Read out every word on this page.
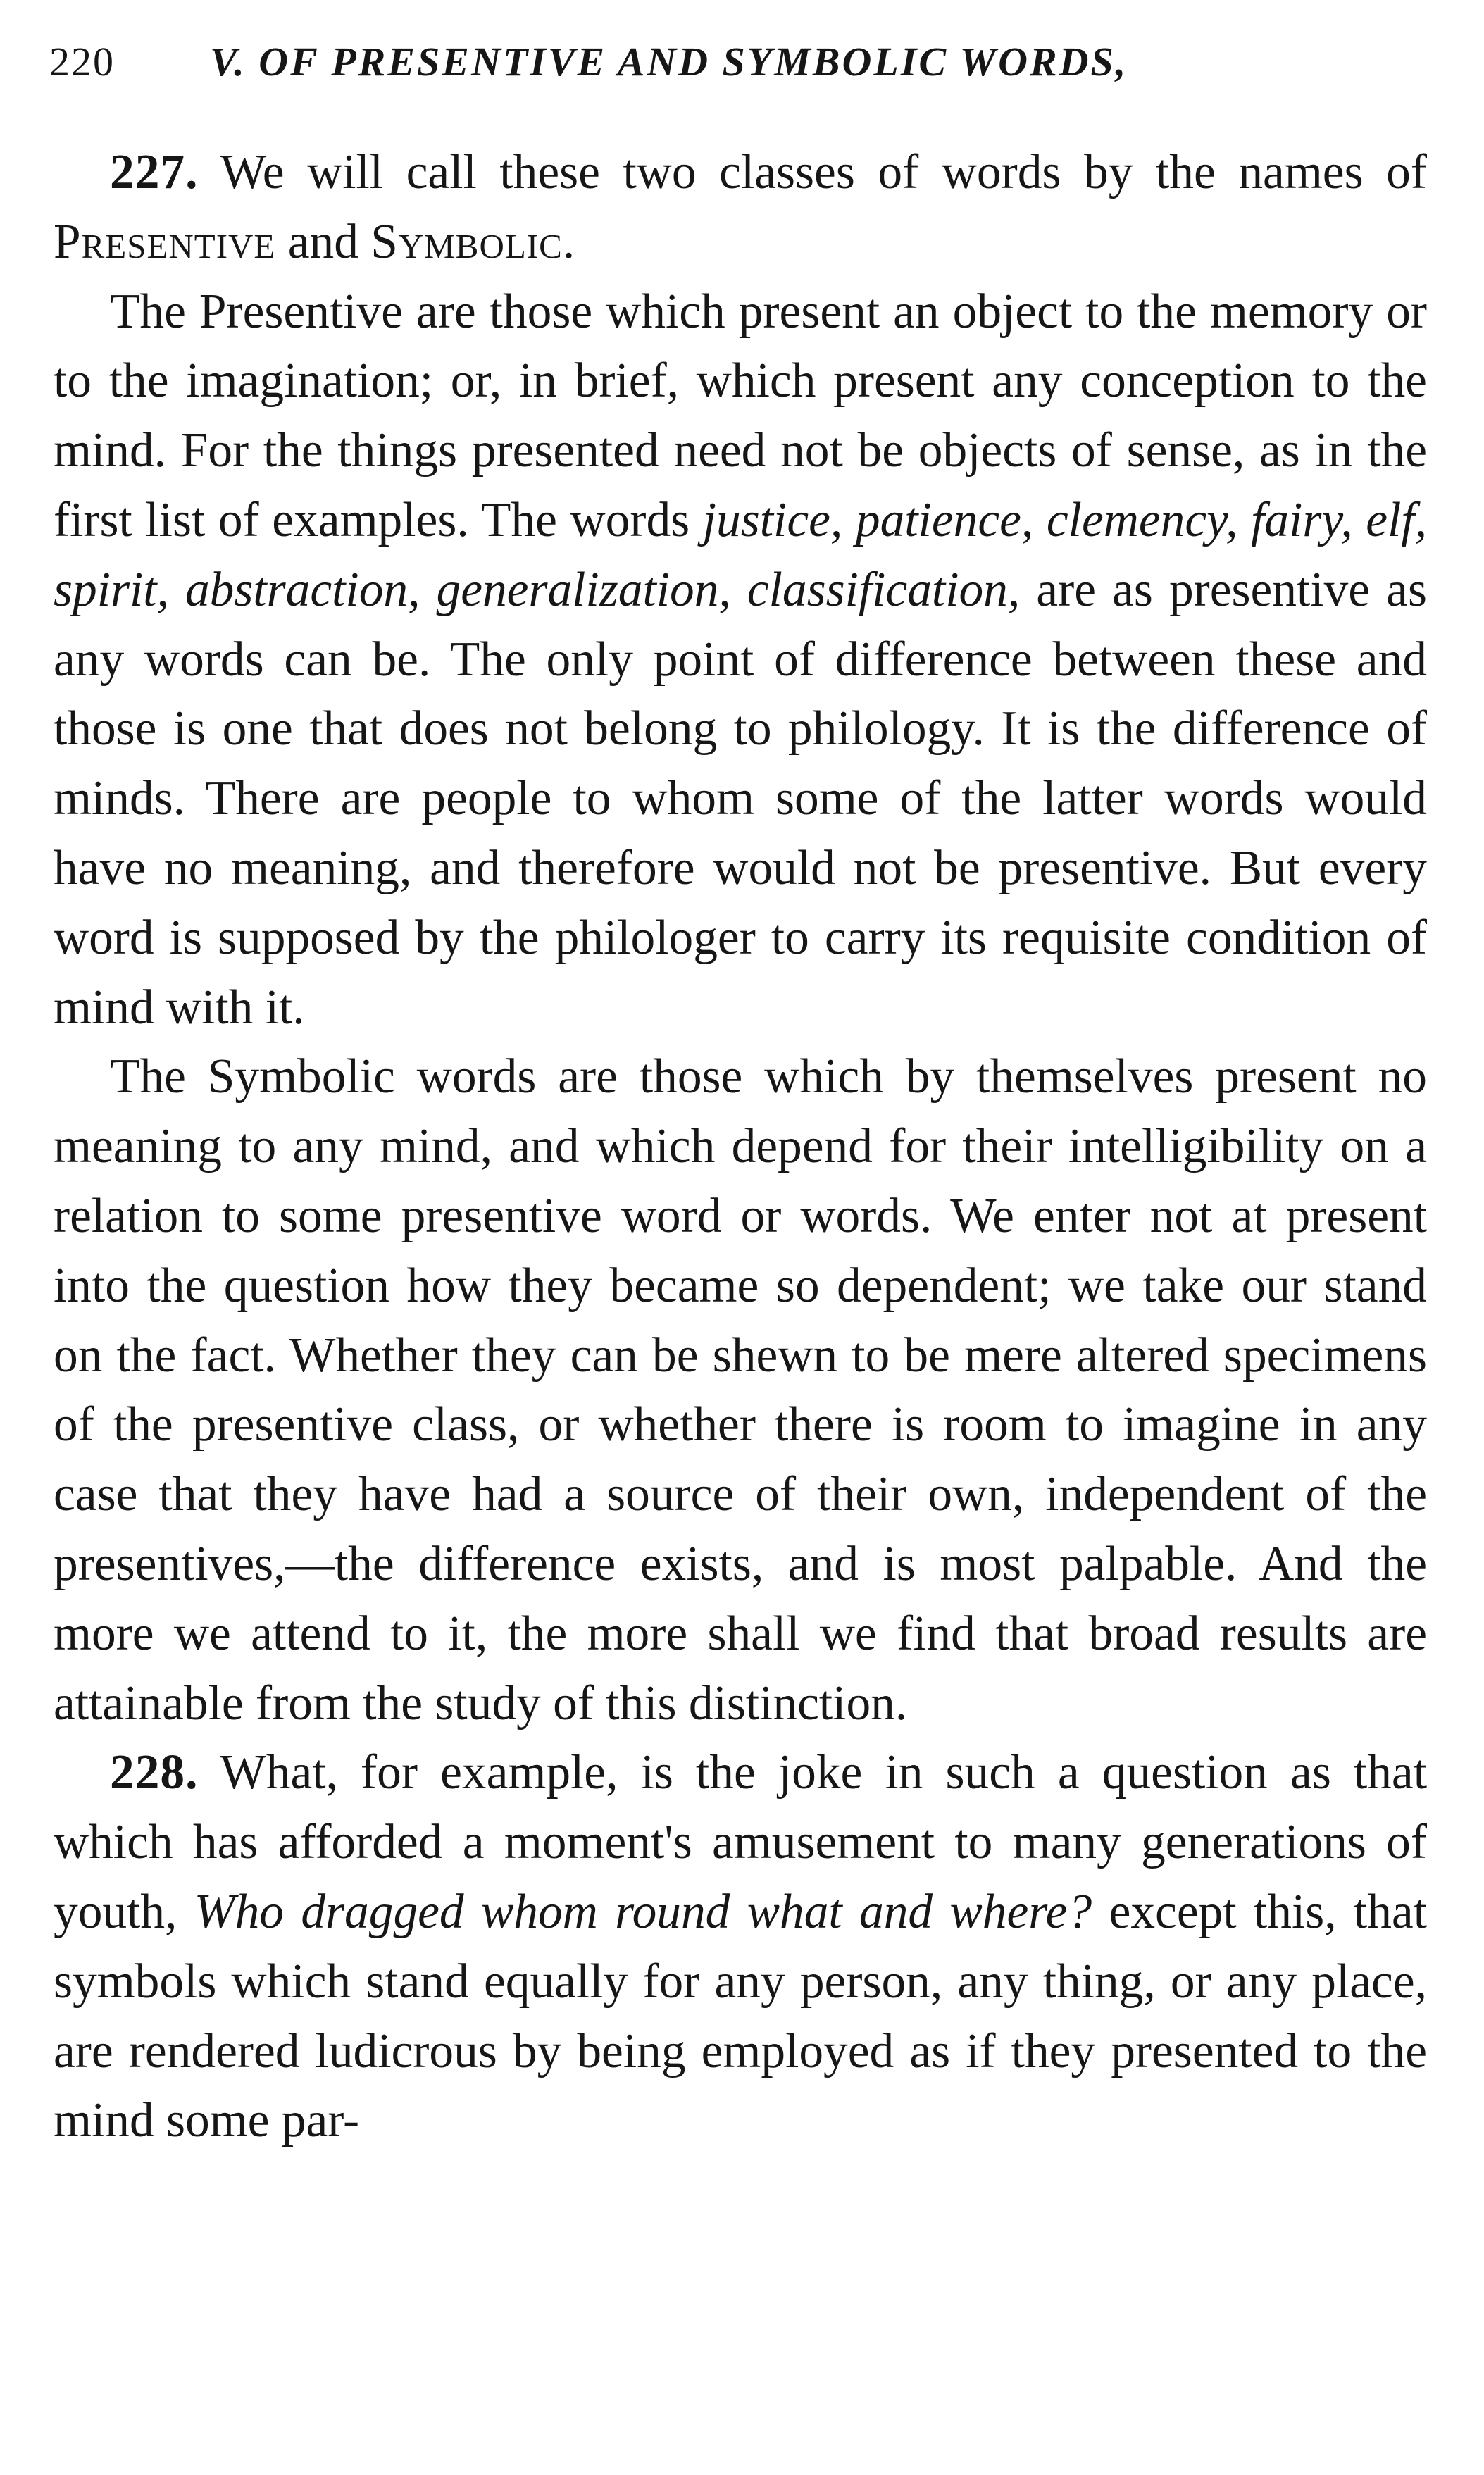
220 V. OF PRESENTIVE AND SYMBOLIC WORDS,

227. We will call these two classes of words by the names of Presentive and Symbolic.

The Presentive are those which present an object to the memory or to the imagination; or, in brief, which present any conception to the mind. For the things presented need not be objects of sense, as in the first list of examples. The words justice, patience, clemency, fairy, elf, spirit, abstraction, generalization, classification, are as presentive as any words can be. The only point of difference between these and those is one that does not belong to philology. It is the difference of minds. There are people to whom some of the latter words would have no meaning, and therefore would not be presentive. But every word is supposed by the philologer to carry its requisite condition of mind with it.

The Symbolic words are those which by themselves present no meaning to any mind, and which depend for their intelligibility on a relation to some presentive word or words. We enter not at present into the question how they became so dependent; we take our stand on the fact. Whether they can be shewn to be mere altered specimens of the presentive class, or whether there is room to imagine in any case that they have had a source of their own, independent of the presentives,—the difference exists, and is most palpable. And the more we attend to it, the more shall we find that broad results are attainable from the study of this distinction.

228. What, for example, is the joke in such a question as that which has afforded a moment's amusement to many generations of youth, Who dragged whom round what and where? except this, that symbols which stand equally for any person, any thing, or any place, are rendered ludicrous by being employed as if they presented to the mind some par-
